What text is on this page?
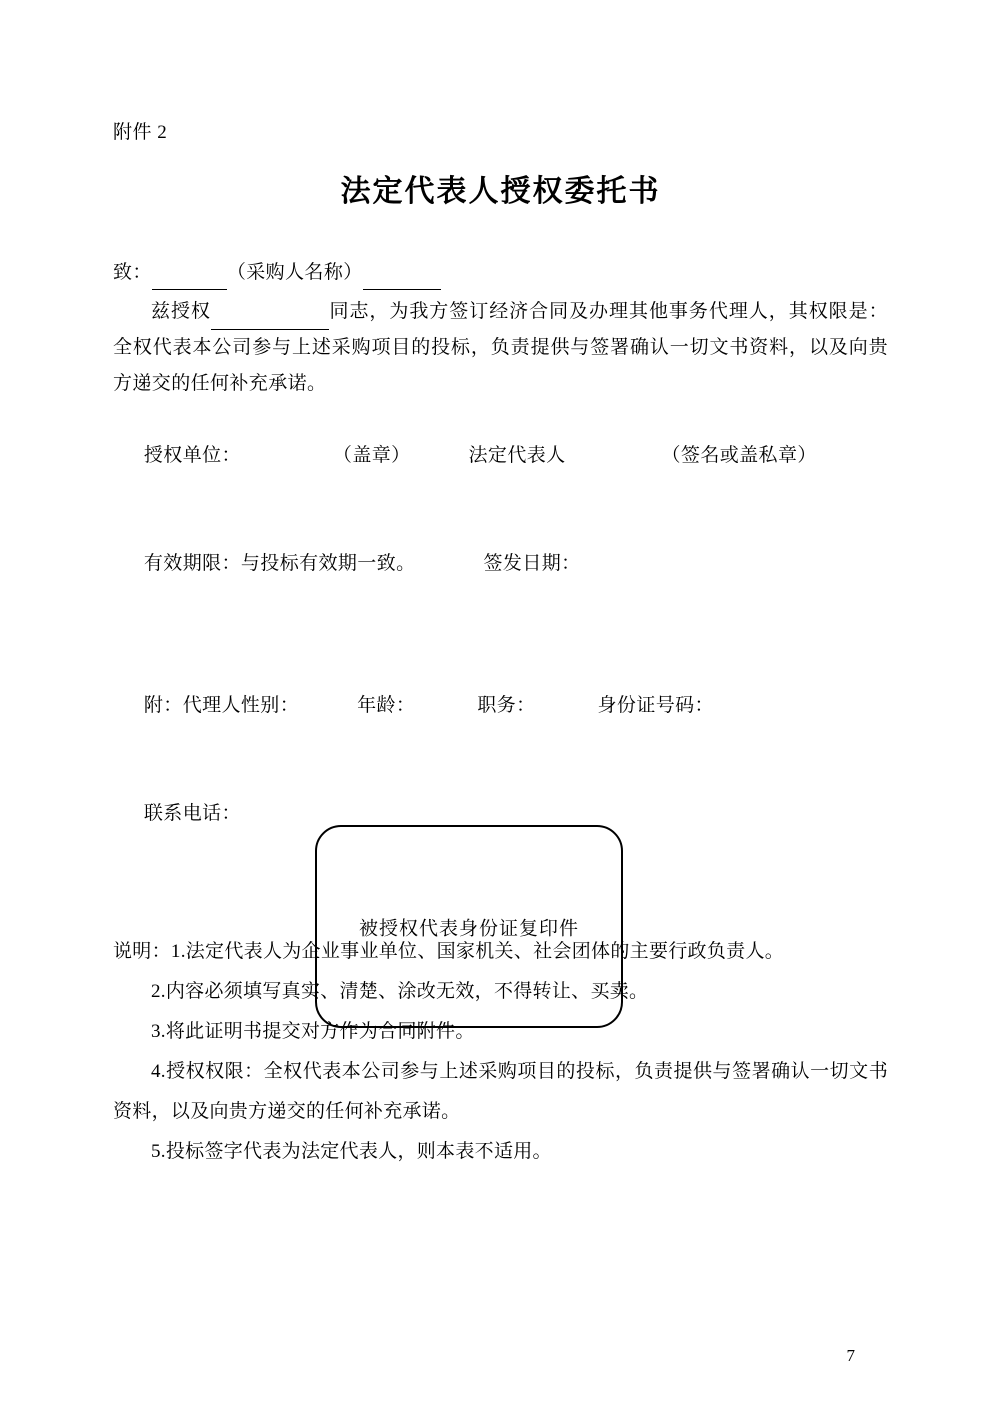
附件 2
法定代表人授权委托书
致：	（采购人名称）
兹授权	同志，为我方签订经济合同及办理其他事务代理人，其权限是：全权代表本公司参与上述采购项目的投标，负责提供与签署确认一切文书资料，以及向贵方递交的任何补充承诺。

授权单位：	（盖章）	法定代表人	（签名或盖私章）

有效期限：与投标有效期一致。	签发日期：

附：代理人性别：	年龄：	职务：	身份证号码：

联系电话：

说明：1.法定代表人为企业事业单位、国家机关、社会团体的主要行政负责人。
2.内容必须填写真实、清楚、涂改无效，不得转让、买卖。
3.将此证明书提交对方作为合同附件。
4.授权权限：全权代表本公司参与上述采购项目的投标，负责提供与签署确认一切文书资料，以及向贵方递交的任何补充承诺。
5.投标签字代表为法定代表人，则本表不适用。
被授权代表身份证复印件
7
